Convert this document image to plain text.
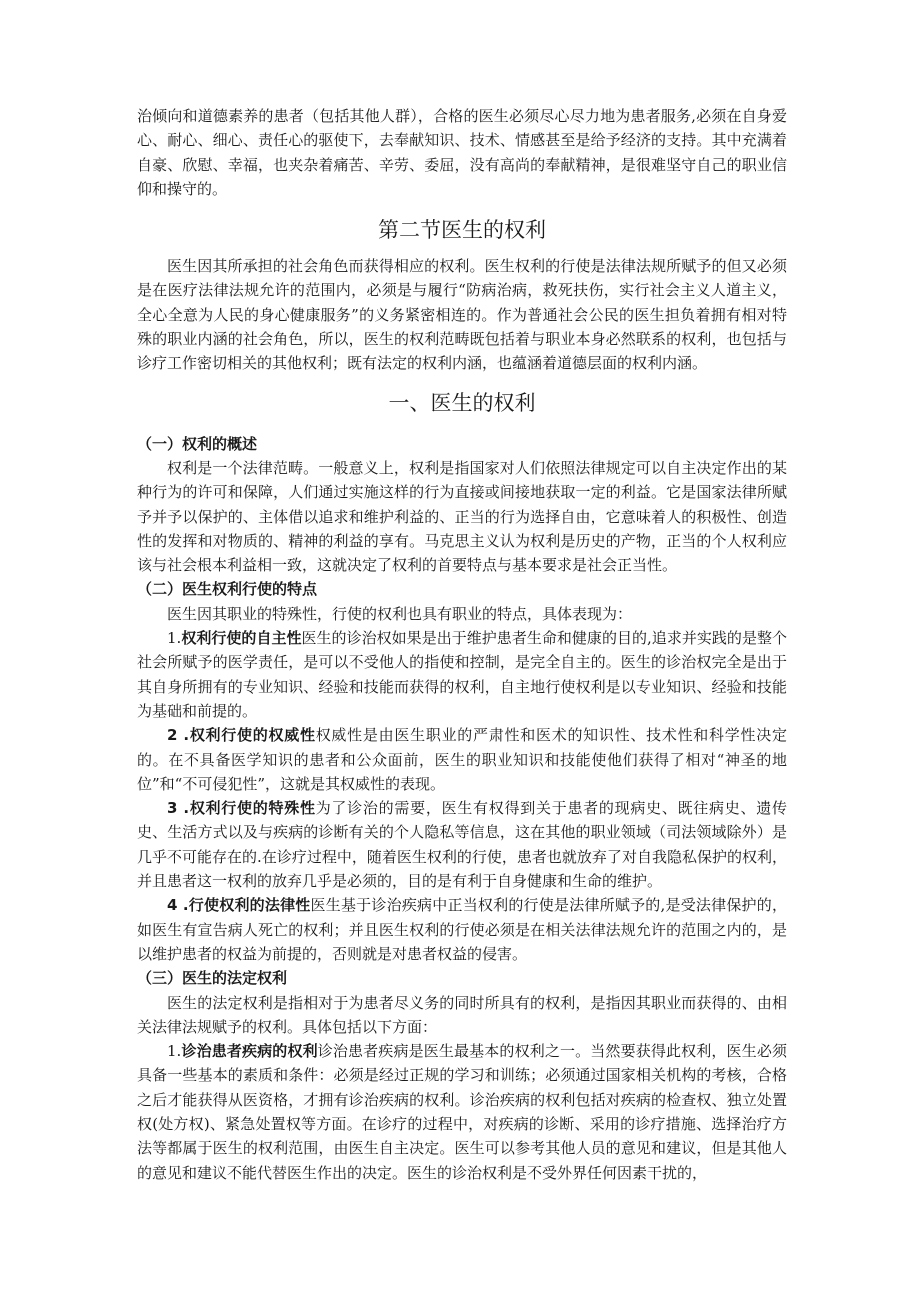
治倾向和道德素养的患者（包括其他人群），合格的医生必须尽心尽力地为患者服务,必须在自身爱心、耐心、细心、责任心的驱使下，去奉献知识、技术、情感甚至是给予经济的支持。其中充满着自豪、欣慰、幸福，也夹杂着痛苦、辛劳、委屈，没有高尚的奉献精神，是很难坚守自己的职业信仰和操守的。

第二节医生的权利

医生因其所承担的社会角色而获得相应的权利。医生权利的行使是法律法规所赋予的但又必须是在医疗法律法规允许的范围内，必须是与履行“防病治病，救死扶伤，实行社会主义人道主义，全心全意为人民的身心健康服务”的义务紧密相连的。作为普通社会公民的医生担负着拥有相对特殊的职业内涵的社会角色，所以，医生的权利范畴既包括着与职业本身必然联系的权利，也包括与诊疗工作密切相关的其他权利；既有法定的权利内涵，也蕴涵着道德层面的权利内涵。

一、医生的权利
（一）权利的概述

权利是一个法律范畴。一般意义上，权利是指国家对人们依照法律规定可以自主决定作出的某种行为的许可和保障，人们通过实施这样的行为直接或间接地获取一定的利益。它是国家法律所赋予并予以保护的、主体借以追求和维护利益的、正当的行为选择自由，它意味着人的积极性、创造性的发挥和对物质的、精神的利益的享有。马克思主义认为权利是历史的产物，正当的个人权利应该与社会根本利益相一致，这就决定了权利的首要特点与基本要求是社会正当性。

（二）医生权利行使的特点

医生因其职业的特殊性，行使的权利也具有职业的特点，具体表现为：

1.权利行使的自主性医生的诊治权如果是出于维护患者生命和健康的目的,追求并实践的是整个社会所赋予的医学责任，是可以不受他人的指使和控制，是完全自主的。医生的诊治权完全是出于其自身所拥有的专业知识、经验和技能而获得的权利，自主地行使权利是以专业知识、经验和技能为基础和前提的。

2 .权利行使的权威性权威性是由医生职业的严肃性和医术的知识性、技术性和科学性决定的。在不具备医学知识的患者和公众面前，医生的职业知识和技能使他们获得了相对“神圣的地位”和“不可侵犯性”，这就是其权威性的表现。

3 .权利行使的特殊性为了诊治的需要，医生有权得到关于患者的现病史、既往病史、遗传史、生活方式以及与疾病的诊断有关的个人隐私等信息，这在其他的职业领域（司法领域除外）是几乎不可能存在的.在诊疗过程中，随着医生权利的行使，患者也就放弃了对自我隐私保护的权利，并且患者这一权利的放弃几乎是必须的，目的是有利于自身健康和生命的维护。

4 .行使权利的法律性医生基于诊治疾病中正当权利的行使是法律所赋予的,是受法律保护的，如医生有宣告病人死亡的权利；并且医生权利的行使必须是在相关法律法规允许的范围之内的，是以维护患者的权益为前提的，否则就是对患者权益的侵害。

（三）医生的法定权利

医生的法定权利是指相对于为患者尽义务的同时所具有的权利，是指因其职业而获得的、由相关法律法规赋予的权利。具体包括以下方面：

1.诊治患者疾病的权利诊治患者疾病是医生最基本的权利之一。当然要获得此权利，医生必须具备一些基本的素质和条件：必须是经过正规的学习和训练；必须通过国家相关机构的考核，合格之后才能获得从医资格，才拥有诊治疾病的权利。诊治疾病的权利包括对疾病的检查权、独立处置权(处方权)、紧急处置权等方面。在诊疗的过程中，对疾病的诊断、采用的诊疗措施、选择治疗方法等都属于医生的权利范围，由医生自主决定。医生可以参考其他人员的意见和建议，但是其他人的意见和建议不能代替医生作出的决定。医生的诊治权利是不受外界任何因素干扰的，
